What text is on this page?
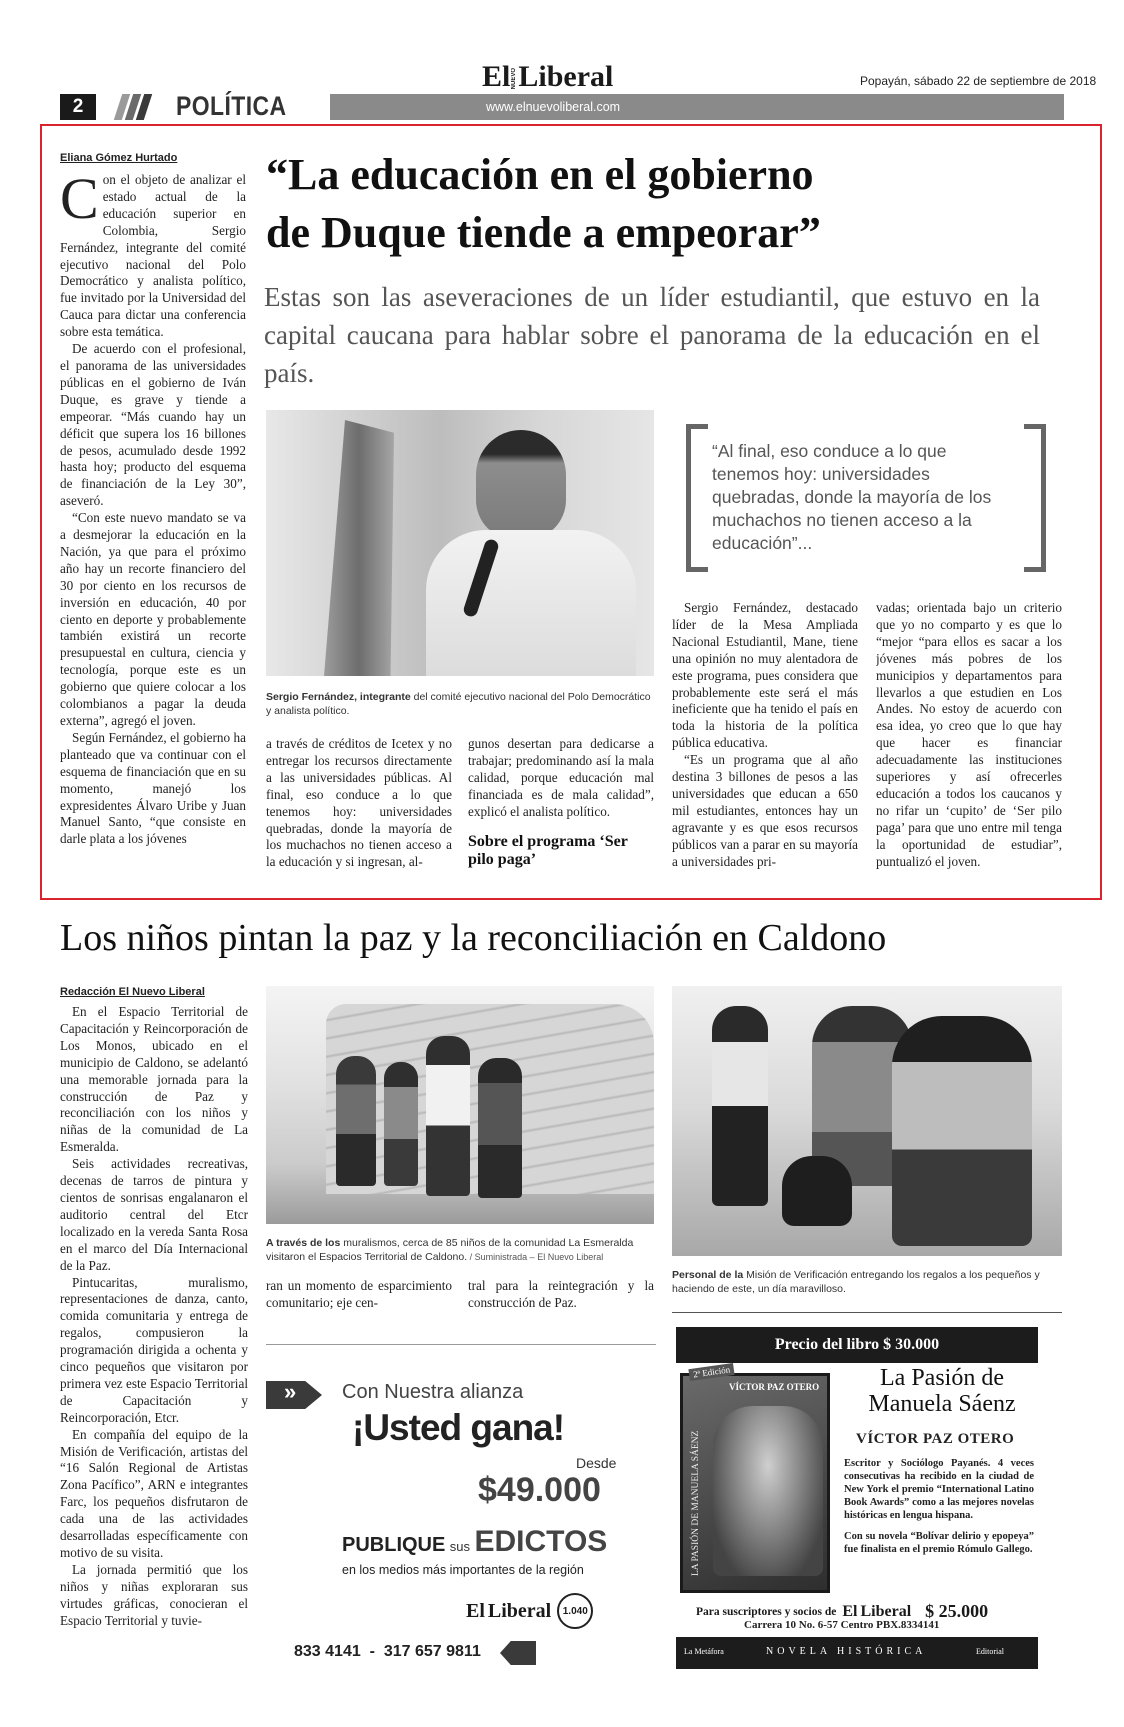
El NUEVO Liberal	Popayán, sábado 22 de septiembre de 2018
www.elnuevoliberal.com
2	POLÍTICA
Eliana Gómez Hurtado
C on el objeto de analizar el estado actual de la educación superior en Colombia, Sergio Fernández, integrante del comité ejecutivo nacional del Polo Democrático y analista político, fue invitado por la Universidad del Cauca para dictar una conferencia sobre esta temática.

De acuerdo con el profesional, el panorama de las universidades públicas en el gobierno de Iván Duque, es grave y tiende a empeorar. “Más cuando hay un déficit que supera los 16 billones de pesos, acumulado desde 1992 hasta hoy; producto del esquema de financiación de la Ley 30”, aseveró.

“Con este nuevo mandato se va a desmejorar la educación en la Nación, ya que para el próximo año hay un recorte financiero del 30 por ciento en los recursos de inversión en educación, 40 por ciento en deporte y probablemente también existirá un recorte presupuestal en cultura, ciencia y tecnología, porque este es un gobierno que quiere colocar a los colombianos a pagar la deuda externa”, agregó el joven.

Según Fernández, el gobierno ha planteado que va continuar con el esquema de financiación que en su momento, manejó los expresidentes Álvaro Uribe y Juan Manuel Santo, “que consiste en darle plata a los jóvenes

“La educación en el gobierno
de Duque tiende a empeorar”
Estas son las aseveraciones de un líder estudiantil, que estuvo en la capital caucana para hablar sobre el panorama de la educación en el país.
Sergio Fernández, integrante del comité ejecutivo nacional del Polo Democrático y analista político.

a través de créditos de Icetex y no entregar los recursos directamente a las universidades públicas. Al final, eso conduce a lo que tenemos hoy: universidades quebradas, donde la mayoría de los muchachos no tienen acceso a la educación y si ingresan, al-

gunos desertan para dedicarse a trabajar; predominando así la mala calidad, porque educación mal financiada es de mala calidad”, explicó el analista político.

Sobre el programa ‘Ser pilo paga’
“Al final, eso conduce a lo que tenemos hoy: universidades quebradas, donde la mayoría de los muchachos no tienen acceso a la educación”...

Sergio Fernández, destacado líder de la Mesa Ampliada Nacional Estudiantil, Mane, tiene una opinión no muy alentadora de este programa, pues considera que probablemente este será el más ineficiente que ha tenido el país en toda la historia de la política pública educativa.

“Es un programa que al año destina 3 billones de pesos a las universidades que educan a 650 mil estudiantes, entonces hay un agravante y es que esos recursos públicos van a parar en su mayoría a universidades pri-

vadas; orientada bajo un criterio que yo no comparto y es que lo “mejor “para ellos es sacar a los jóvenes más pobres de los municipios y departamentos para llevarlos a que estudien en Los Andes. No estoy de acuerdo con esa idea, yo creo que lo que hay que hacer es financiar adecuadamente las instituciones superiores y así ofrecerles educación a todos los caucanos y no rifar un ‘cupito’ de ‘Ser pilo paga’ para que uno entre mil tenga la oportunidad de estudiar”, puntualizó el joven.

Los niños pintan la paz y la reconciliación en Caldono
Redacción El Nuevo Liberal

En el Espacio Territorial de Capacitación y Reincorporación de Los Monos, ubicado en el municipio de Caldono, se adelantó una memorable jornada para la construcción de Paz y reconciliación con los niños y niñas de la comunidad de La Esmeralda.

Seis actividades recreativas, decenas de tarros de pintura y cientos de sonrisas engalanaron el auditorio central del Etcr localizado en la vereda Santa Rosa en el marco del Día Internacional de la Paz.

Pintucaritas, muralismo, representaciones de danza, canto, comida comunitaria y entrega de regalos, compusieron la programación dirigida a ochenta y cinco pequeños que visitaron por primera vez este Espacio Territorial de Capacitación y Reincorporación, Etcr.

En compañía del equipo de la Misión de Verificación, artistas del “16 Salón Regional de Artistas Zona Pacífico”, ARN e integrantes Farc, los pequeños disfrutaron de cada una de las actividades desarrolladas específicamente con motivo de su visita.

La jornada permitió que los niños y niñas exploraran sus virtudes gráficas, conocieran el Espacio Territorial y tuvie-

A través de los muralismos, cerca de 85 niños de la comunidad La Esmeralda visitaron el Espacios Territorial de Caldono. / Suministrada – El Nuevo Liberal

ran un momento de esparcimiento comunitario; eje cen-

tral para la reintegración y la construcción de Paz.

Personal de la Misión de Verificación entregando los regalos a los pequeños y haciendo de este, un día maravilloso.
» Con Nuestra alianza
¡Usted gana!
Desde
$49.000
PUBLIQUE sus EDICTOS
en los medios más importantes de la región
El Liberal	1.040
833 4141  -  317 657 9811
Precio del libro $ 30.000
2ª Edición
VÍCTOR PAZ OTERO
LA PASIÓN DE MANUELA SÁENZ
La Pasión de
Manuela Sáenz
VÍCTOR PAZ OTERO

Escritor y Sociólogo Payanés. 4 veces consecutivas ha recibido en la ciudad de New York el premio “International Latino Book Awards” como a las mejores novelas históricas en lengua hispana.

Con su novela “Bolívar delirio y epopeya” fue finalista en el premio Rómulo Gallego.

Para suscriptores y socios de El Liberal $ 25.000
Carrera 10 No. 6-57 Centro PBX.8334141
La Metáfora	NOVELA HISTÓRICA	Editorial
